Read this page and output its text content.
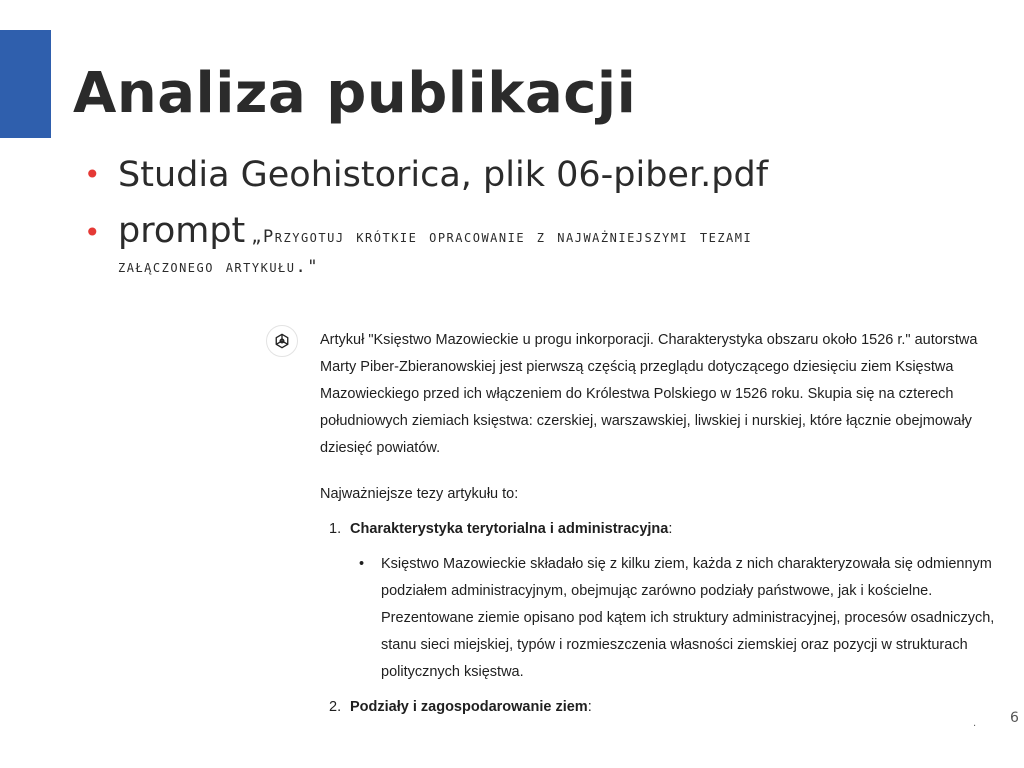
Analiza publikacji
• Studia Geohistorica, plik 06-piber.pdf
• prompt „Przygotuj krótkie opracowanie z najważniejszymi tezami
załączonego artykułu."

Artykuł "Księstwo Mazowieckie u progu inkorporacji. Charakterystyka obszaru około 1526 r." autorstwa Marty Piber-Zbieranowskiej jest pierwszą częścią przeglądu dotyczącego dziesięciu ziem Księstwa Mazowieckiego przed ich włączeniem do Królestwa Polskiego w 1526 roku. Skupia się na czterech południowych ziemiach księstwa: czerskiej, warszawskiej, liwskiej i nurskiej, które łącznie obejmowały dziesięć powiatów.

Najważniejsze tezy artykułu to:

1. Charakterystyka terytorialna i administracyjna:
• Księstwo Mazowieckie składało się z kilku ziem, każda z nich charakteryzowała się odmiennym podziałem administracyjnym, obejmując zarówno podziały państwowe, jak i kościelne. Prezentowane ziemie opisano pod kątem ich struktury administracyjnej, procesów osadniczych, stanu sieci miejskiej, typów i rozmieszczenia własności ziemskiej oraz pozycji w strukturach politycznych księstwa.
2. Podziały i zagospodarowanie ziem:
. 6
